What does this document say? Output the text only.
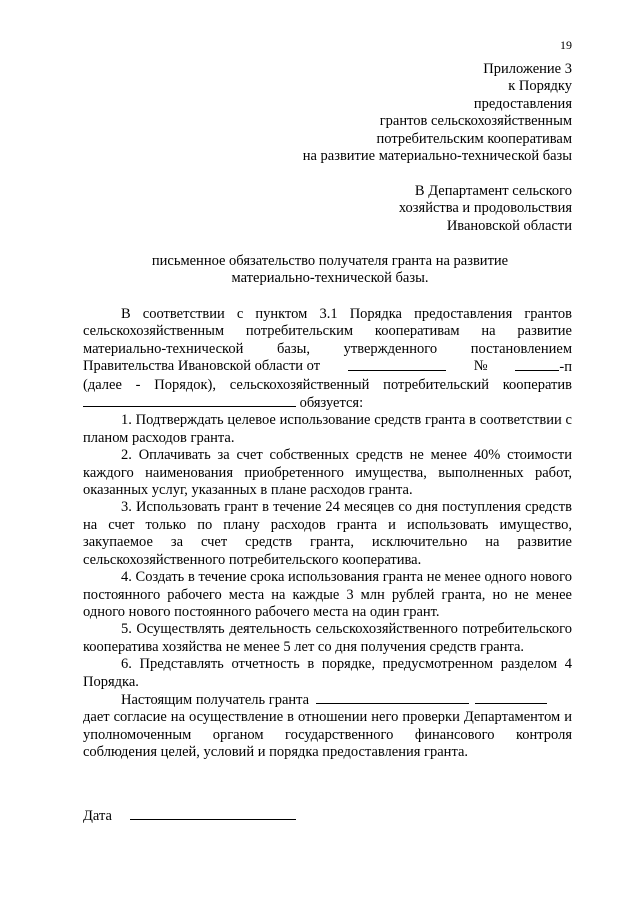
19
Приложение 3
к Порядку
предоставления
грантов сельскохозяйственным
потребительским кооперативам
на развитие материально-технической базы
В Департамент сельского
хозяйства и продовольствия
Ивановской области
письменное обязательство получателя гранта на развитие
материально-технической базы.

В соответствии с пунктом 3.1 Порядка предоставления грантов

сельскохозяйственным потребительским кооперативам на развитие

материально-технической базы, утвержденного постановлением

Правительства Ивановской области от	№	-п

(далее - Порядок), сельскохозяйственный потребительский кооператив

обязуется:

1. Подтверждать целевое использование средств гранта в соответствии с планом расходов гранта.

2. Оплачивать за счет собственных средств не менее 40% стоимости каждого наименования приобретенного имущества, выполненных работ, оказанных услуг, указанных в плане расходов гранта.

3. Использовать грант в течение 24 месяцев со дня поступления средств на счет только по плану расходов гранта и использовать имущество, закупаемое за счет средств гранта, исключительно на развитие сельскохозяйственного потребительского кооператива.

4. Создать в течение срока использования гранта не менее одного нового постоянного рабочего места на каждые 3 млн рублей гранта, но не менее одного нового постоянного рабочего места на один грант.

5. Осуществлять деятельность сельскохозяйственного потребительского кооператива хозяйства не менее 5 лет со дня получения средств гранта.

6. Представлять отчетность в порядке, предусмотренном разделом 4 Порядка.

Настоящим получатель гранта

дает согласие на осуществление в отношении него проверки Департаментом и уполномоченным органом государственного финансового контроля соблюдения целей, условий и порядка предоставления гранта.

Дата
